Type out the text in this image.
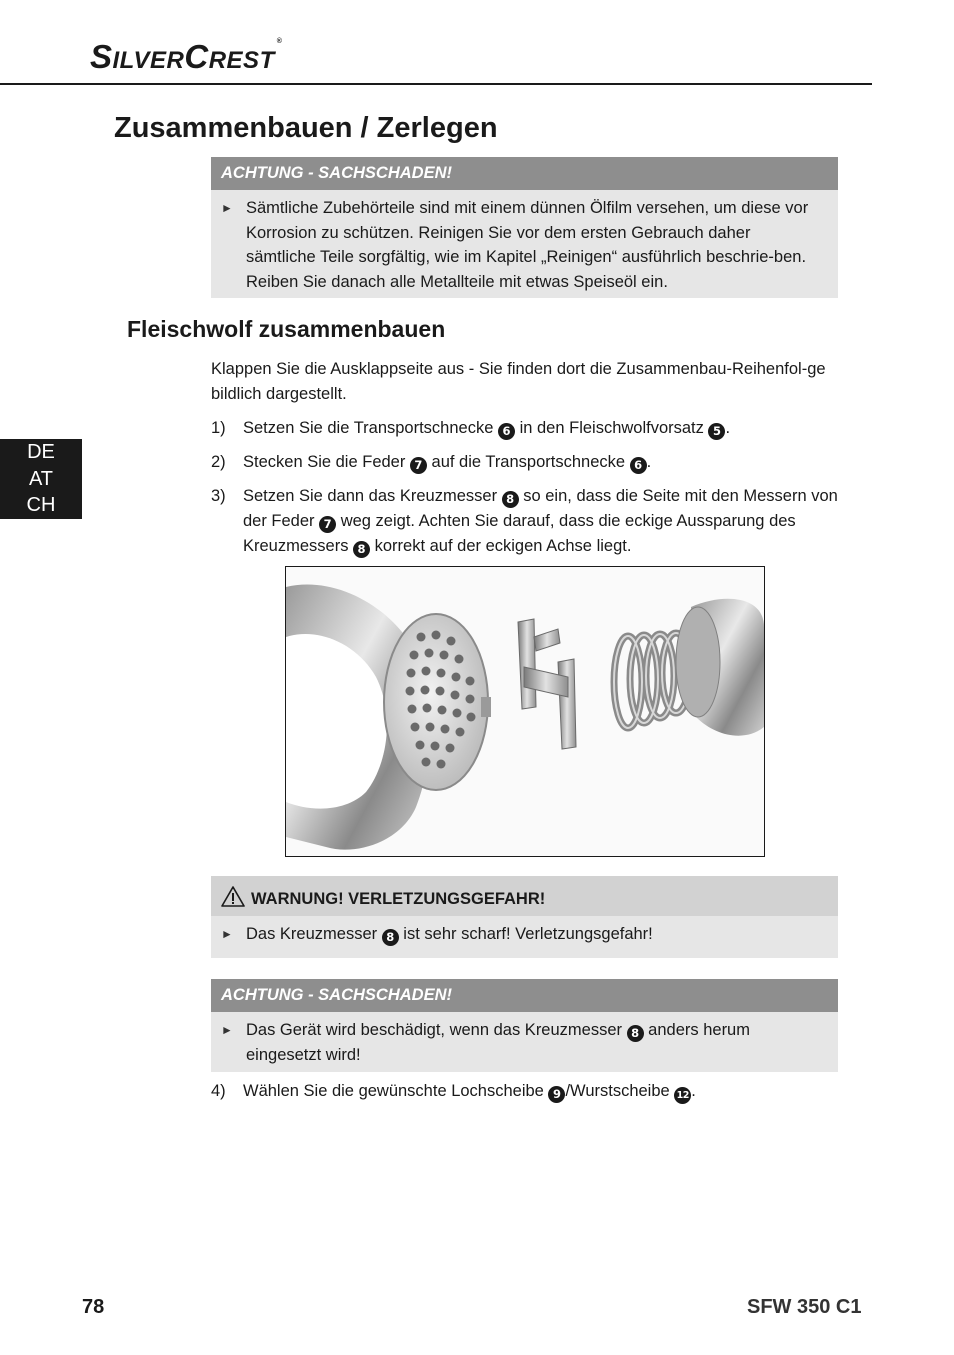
SILVERCREST®
Zusammenbauen / Zerlegen
ACHTUNG - SACHSCHADEN!
► Sämtliche Zubehörteile sind mit einem dünnen Ölfilm versehen, um diese vor Korrosion zu schützen. Reinigen Sie vor dem ersten Gebrauch daher sämtliche Teile sorgfältig, wie im Kapitel „Reinigen“ ausführlich beschrie-ben. Reiben Sie danach alle Metallteile mit etwas Speiseöl ein.
Fleischwolf zusammenbauen
Klappen Sie die Ausklappseite aus - Sie finden dort die Zusammenbau-Reihenfol-ge bildlich dargestellt.
1) Setzen Sie die Transportschnecke 6 in den Fleischwolfvorsatz 5 .
2) Stecken Sie die Feder 7 auf die Transportschnecke 6 .
3) Setzen Sie dann das Kreuzmesser 8 so ein, dass die Seite mit den Messern von der Feder 7 weg zeigt. Achten Sie darauf, dass die eckige Aussparung des Kreuzmessers 8 korrekt auf der eckigen Achse liegt.
DE
AT
CH
WARNUNG! VERLETZUNGSGEFAHR!
► Das Kreuzmesser 8 ist sehr scharf! Verletzungsgefahr!
ACHTUNG - SACHSCHADEN!
► Das Gerät wird beschädigt, wenn das Kreuzmesser 8 anders herum eingesetzt wird!
4) Wählen Sie die gewünschte Lochscheibe 9 /Wurstscheibe 12 .
78	SFW 350 C1
